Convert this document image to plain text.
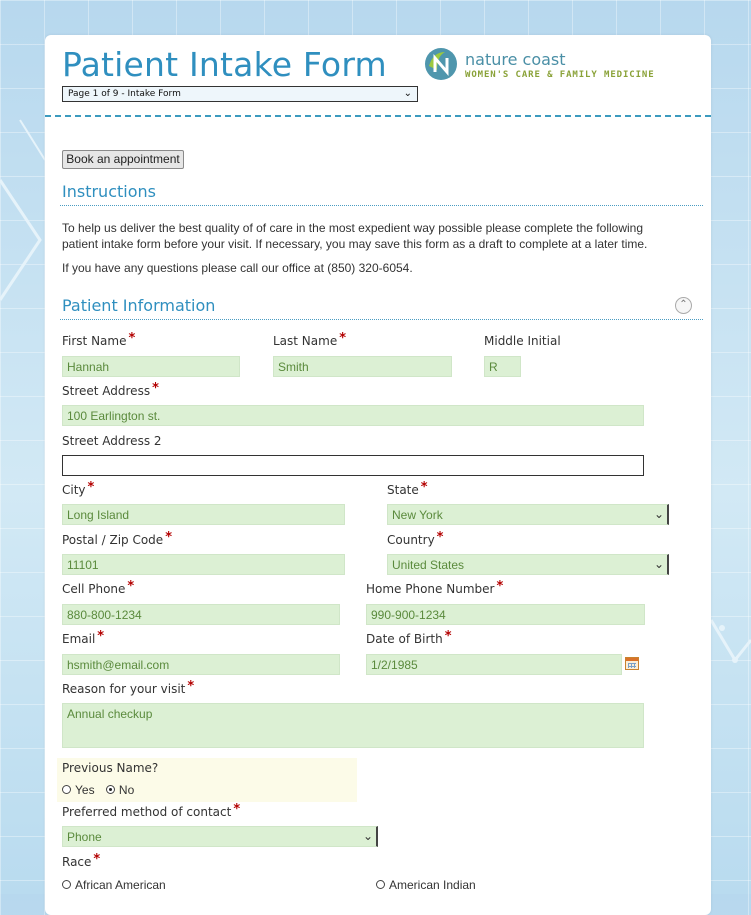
Patient Intake Form
Page 1 of 9 - Intake Form	⌄
nature coast
WOMEN'S CARE & FAMILY MEDICINE
Book an appointment
Instructions
To help us deliver the best quality of of care in the most expedient way possible please complete the following patient intake form before your visit. If necessary, you may save this form as a draft to complete at a later time.
If you have any questions please call our office at (850) 320-6054.
Patient Information	⌃
First Name *
Hannah
Last Name *
Smith
Middle Initial
R
Street Address *
100 Earlington st.
Street Address 2
City *
Long Island
State *
New York	⌄
Postal / Zip Code *
11101
Country *
United States	⌄
Cell Phone *
880-800-1234
Home Phone Number *
990-900-1234
Email *
hsmith@email.com
Date of Birth *
1/2/1985
Reason for your visit *
Annual checkup
Previous Name?
Yes No
Preferred method of contact *
Phone	⌄
Race *
African American	American Indian
